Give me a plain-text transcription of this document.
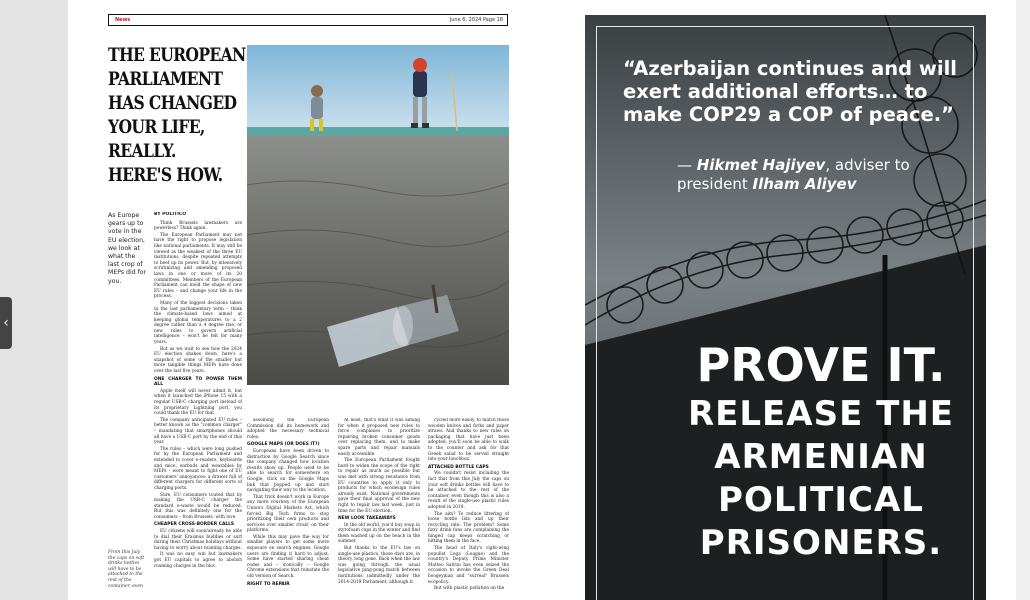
‹
News	June 6, 2024 Page 18
THE EUROPEAN
PARLIAMENT
HAS CHANGED
YOUR LIFE,
REALLY.
HERE'S HOW.
As Europe gears up to vote in the EU election, we look at what the last crop of MEPs did for you.
BY POLITICO

Think Brussels lawmakers are powerless? Think again.

The European Parliament may not have the right to propose legislation like national parliaments. It may still be viewed as the weakest of the three EU institutions, despite repeated attempts to beef up its power. But, by intensively scrutinizing and amending proposed laws in one or more of its 20 committees, Members of the European Parliament can mold the shape of new EU rules – and change your life in the process.

Many of the biggest decisions taken in the last parliamentary term – think the climate-based laws aimed at keeping global temperatures to a 2 degree rather than a 4 degree rise, or new rules to govern artificial intelligence – won't be felt for many years.

But as we wait to see how the 2024 EU election shakes down, here's a snapshot of some of the smaller but more tangible things MEPs have done over the last five years.

ONE CHARGER TO POWER THEM ALL

Apple itself will never admit it, but when it launched the iPhone 15 with a regular USB-C charging port instead of its proprietary Lightning port, you could thank the EU for that.

The company anticipated EU rules – better known as the "common charger" – mandating that smartphones should all have a USB-C port by the end of this year.

The rules – which were long pushed for by the European Parliament and extended to cover e-readers, keyboards and mice, earbuds and wearables by MEPs – were meant to fight one of EU customers' annoyances: a drawer full of different chargers for different sorts of charging ports.

Sure, EU consumers touted that by making the USB-C charger the standard e-waste would be reduced. But this was definitely one for the consumers – from Brussels, with love.

CHEAPER CROSS-BORDER CALLS

EU citizens will soon/already be able to dial their Erasmus buddies or surf during their Christmas holidays without having to worry about roaming charges.

It was no easy win but lawmakers got EU capitals to agree to abolish roaming charges in the bloc.

assuming the European Commission did its homework and adopted the necessary technical rules.

GOOGLE MAPS (OR DOES IT?)

Europeans have been driven to distraction by Google Search since the company changed how location results show up. People used to be able to search for somewhere on Google, click on the Google Maps link that popped up and start navigating their way to the location.

That trick doesn't work in Europe any more courtesy of the European Union's Digital Markets Act, which forced Big Tech firms to stop prioritizing their own products and services over smaller rivals' on their platforms.

While this may pave the way for smaller players to get some more exposure on search engines, Google users are finding it hard to adjust. Some have started sharing cheat codes and – ironically – Google Chrome extensions that reinstate the old version of Search.

RIGHT TO REPAIR

At least, that's what it was aiming for when it proposed new rules to force companies to prioritize repairing broken consumer goods over replacing them, and to make spare parts and repair manuals easily accessible.

The European Parliament fought hard to widen the scope of the right to repair as much as possible but was met with strong resistance from EU countries to apply it only to products for which ecodesign rules already exist. National governments gave their final approval of the new right to repair law last week, just in time for the EU election.

NEW LOOK TAKEAWAYS

In the old world, you'd buy soup in styrofoam cups in the winter and find them washed up on the beach in the summer.

But thanks to the EU's law on single-use plastics, those days are, in theory, long gone. Back when the law was going through the usual legislative ping-pong match between institutions (admittedly under the 2014-2019 Parliament, although it

cycled more easily, to match those wooden knives and forks and paper straws. And thanks to new rules on packaging that have just been adopted, you'll soon be able to walk to the counter and ask for that Greek salad to be served straight into your lunchbox.

ATTACHED BOTTLE CAPS

We couldn't resist including the fact that from this July the caps on your soft drinks bottles will have to be attached to the rest of the container, even though this is also a result of the single-use plastic rules adopted in 2019.

The aim? To reduce littering of loose bottle lids and up their recycling rate. The problem? Some fizzy drink fans are complaining the hinged cap keeps scratching or hitting them in the face.

The head of Italy's right-wing populist Lega (League) and the country's Deputy Prime Minister Matteo Salvini has even seized the occasion to invoke the Green Deal boogeyman and "surreal" Brussels ecopolicy.

But with plastic pollution on the

From this July the caps on soft drinks bottles will have to be attached to the rest of the container, even
“Azerbaijan continues and will exert additional efforts… to make COP29 a COP of peace.”
— Hikmet Hajiyev, adviser to president Ilham Aliyev
PROVE IT.
RELEASE THE
ARMENIAN
POLITICAL
PRISONERS.
